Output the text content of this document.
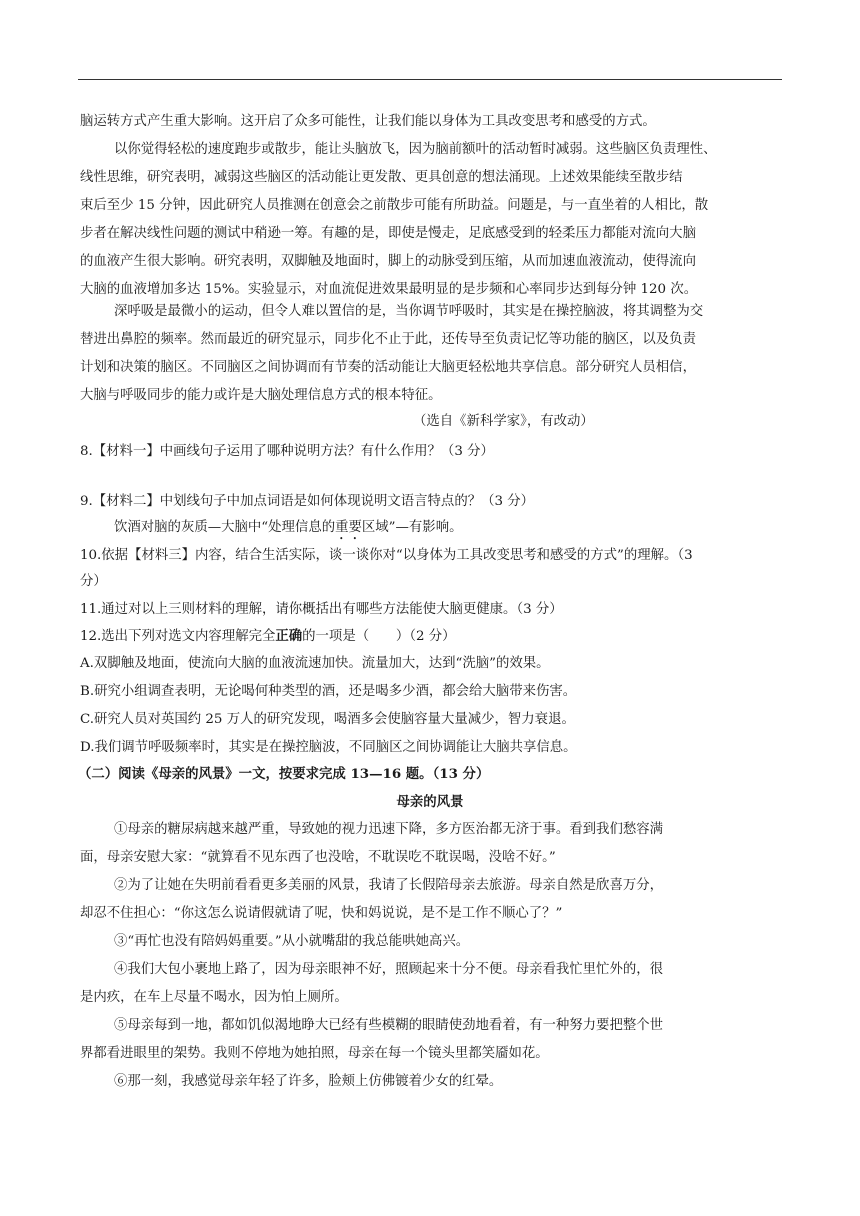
脑运转方式产生重大影响。这开启了众多可能性，让我们能以身体为工具改变思考和感受的方式。
以你觉得轻松的速度跑步或散步，能让头脑放飞，因为脑前额叶的活动暂时减弱。这些脑区负责理性、
线性思维，研究表明，减弱这些脑区的活动能让更发散、更具创意的想法涌现。上述效果能续至散步结
束后至少 15 分钟，因此研究人员推测在创意会之前散步可能有所助益。问题是，与一直坐着的人相比，散
步者在解决线性问题的测试中稍逊一筹。有趣的是，即使是慢走，足底感受到的轻柔压力都能对流向大脑
的血液产生很大影响。研究表明，双脚触及地面时，脚上的动脉受到压缩，从而加速血液流动，使得流向
大脑的血液增加多达 15%。实验显示，对血流促进效果最明显的是步频和心率同步达到每分钟 120 次。
深呼吸是最微小的运动，但令人难以置信的是，当你调节呼吸时，其实是在操控脑波，将其调整为交
替进出鼻腔的频率。然而最近的研究显示，同步化不止于此，还传导至负责记忆等功能的脑区，以及负责
计划和决策的脑区。不同脑区之间协调而有节奏的活动能让大脑更轻松地共享信息。部分研究人员相信，
大脑与呼吸同步的能力或许是大脑处理信息方式的根本特征。
（选自《新科学家》，有改动）
8.【材料一】中画线句子运用了哪种说明方法？有什么作用？（3 分）
9.【材料二】中划线句子中加点词语是如何体现说明文语言特点的？（3 分）
饮酒对脑的灰质—大脑中“处理信息的重要区域”—有影响。
10.依据【材料三】内容，结合生活实际，谈一谈你对“以身体为工具改变思考和感受的方式”的理解。（3
分）
11.通过对以上三则材料的理解，请你概括出有哪些方法能使大脑更健康。（3 分）
12.选出下列对选文内容理解完全正确的一项是（　　）（2 分）
A.双脚触及地面，使流向大脑的血液流速加快。流量加大，达到“洗脑”的效果。
B.研究小组调查表明，无论喝何种类型的酒，还是喝多少酒，都会给大脑带来伤害。
C.研究人员对英国约 25 万人的研究发现，喝酒多会使脑容量大量减少，智力衰退。
D.我们调节呼吸频率时，其实是在操控脑波，不同脑区之间协调能让大脑共享信息。
（二）阅读《母亲的风景》一文，按要求完成 13—16 题。（13 分）
母亲的风景
①母亲的糖尿病越来越严重，导致她的视力迅速下降，多方医治都无济于事。看到我们愁容满
面，母亲安慰大家：“就算看不见东西了也没啥，不耽误吃不耽误喝，没啥不好。”
②为了让她在失明前看看更多美丽的风景，我请了长假陪母亲去旅游。母亲自然是欣喜万分，
却忍不住担心：“你这怎么说请假就请了呢，快和妈说说，是不是工作不顺心了？”
③“再忙也没有陪妈妈重要。”从小就嘴甜的我总能哄她高兴。
④我们大包小裹地上路了，因为母亲眼神不好，照顾起来十分不便。母亲看我忙里忙外的，很
是内疚，在车上尽量不喝水，因为怕上厕所。
⑤母亲每到一地，都如饥似渴地睁大已经有些模糊的眼睛使劲地看着，有一种努力要把整个世
界都看进眼里的架势。我则不停地为她拍照，母亲在每一个镜头里都笑靥如花。
⑥那一刻，我感觉母亲年轻了许多，脸颊上仿佛镀着少女的红晕。
